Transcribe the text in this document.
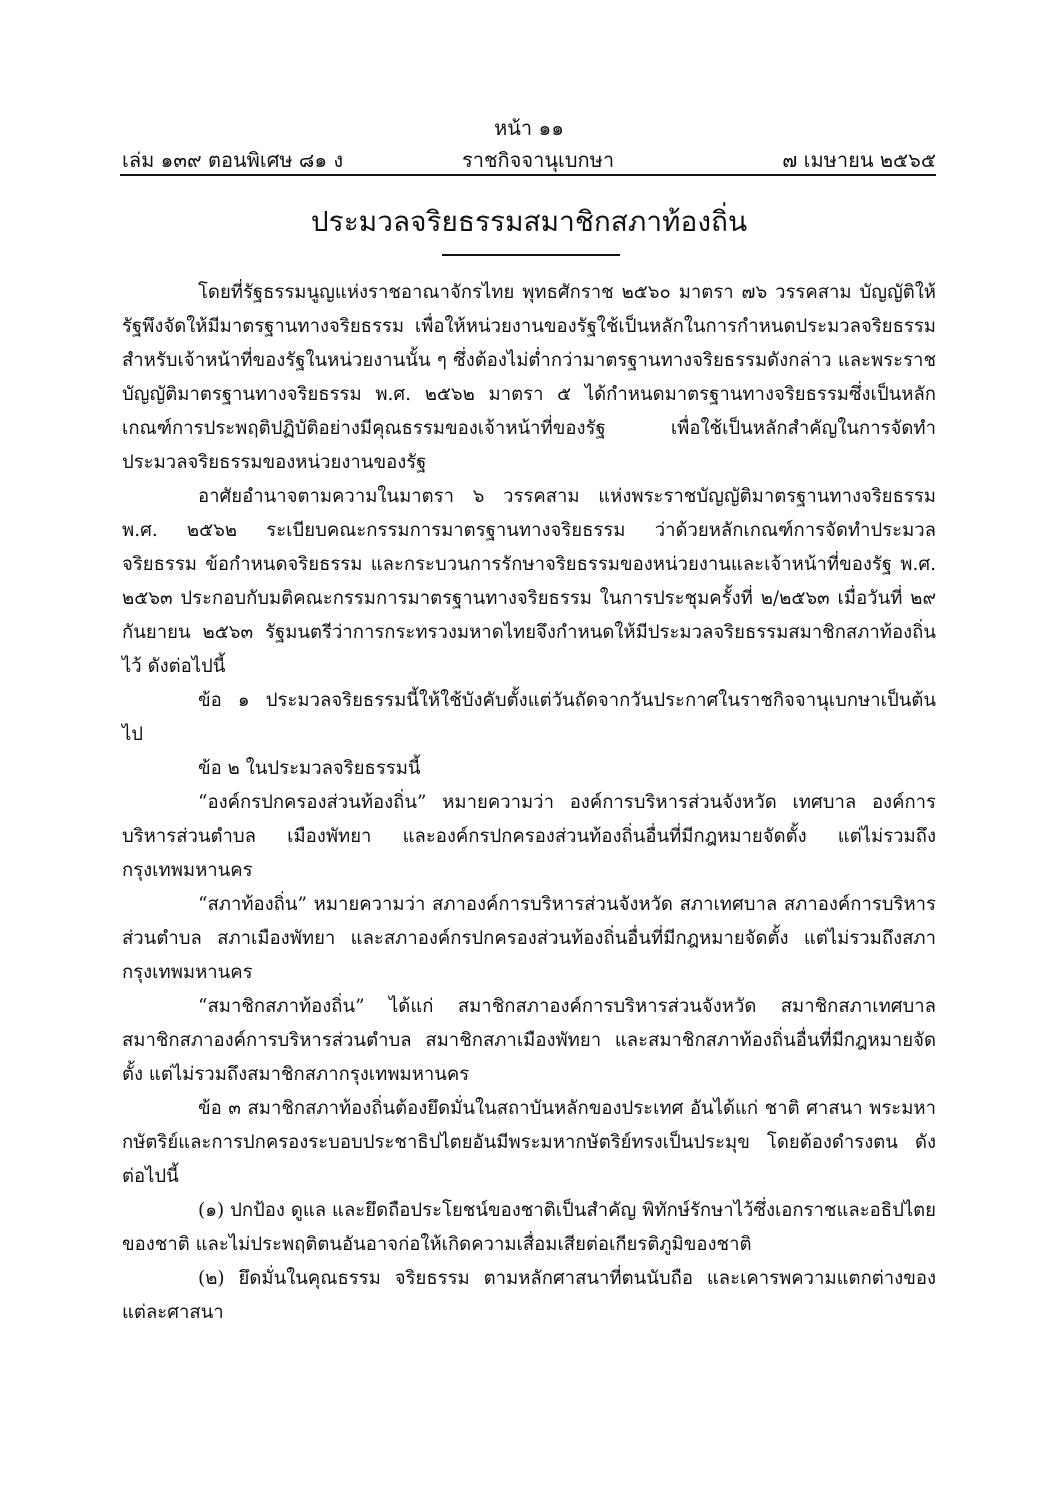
หน้า ๑๑
เล่ม ๑๓๙ ตอนพิเศษ ๘๑ ง	ราชกิจจานุเบกษา	๗ เมษายน ๒๕๖๕
ประมวลจริยธรรมสมาชิกสภาท้องถิ่น

โดยที่รัฐธรรมนูญแห่งราชอาณาจักรไทย พุทธศักราช ๒๕๖๐ มาตรา ๗๖ วรรคสาม บัญญัติให้รัฐพึงจัดให้มีมาตรฐานทางจริยธรรม เพื่อให้หน่วยงานของรัฐใช้เป็นหลักในการกำหนดประมวลจริยธรรมสำหรับเจ้าหน้าที่ของรัฐในหน่วยงานนั้น ๆ ซึ่งต้องไม่ต่ำกว่ามาตรฐานทางจริยธรรมดังกล่าว และพระราชบัญญัติมาตรฐานทางจริยธรรม พ.ศ. ๒๕๖๒ มาตรา ๕ ได้กำหนดมาตรฐานทางจริยธรรมซึ่งเป็นหลักเกณฑ์การประพฤติปฏิบัติอย่างมีคุณธรรมของเจ้าหน้าที่ของรัฐ เพื่อใช้เป็นหลักสำคัญในการจัดทำประมวลจริยธรรมของหน่วยงานของรัฐ

อาศัยอำนาจตามความในมาตรา ๖ วรรคสาม แห่งพระราชบัญญัติมาตรฐานทางจริยธรรม พ.ศ. ๒๕๖๒ ระเบียบคณะกรรมการมาตรฐานทางจริยธรรม ว่าด้วยหลักเกณฑ์การจัดทำประมวลจริยธรรม ข้อกำหนดจริยธรรม และกระบวนการรักษาจริยธรรมของหน่วยงานและเจ้าหน้าที่ของรัฐ พ.ศ. ๒๕๖๓ ประกอบกับมติคณะกรรมการมาตรฐานทางจริยธรรม ในการประชุมครั้งที่ ๒/๒๕๖๓ เมื่อวันที่ ๒๙ กันยายน ๒๕๖๓ รัฐมนตรีว่าการกระทรวงมหาดไทยจึงกำหนดให้มีประมวลจริยธรรมสมาชิกสภาท้องถิ่นไว้ ดังต่อไปนี้

ข้อ ๑ ประมวลจริยธรรมนี้ให้ใช้บังคับตั้งแต่วันถัดจากวันประกาศในราชกิจจานุเบกษาเป็นต้นไป

ข้อ ๒ ในประมวลจริยธรรมนี้

“องค์กรปกครองส่วนท้องถิ่น” หมายความว่า องค์การบริหารส่วนจังหวัด เทศบาล องค์การบริหารส่วนตำบล เมืองพัทยา และองค์กรปกครองส่วนท้องถิ่นอื่นที่มีกฎหมายจัดตั้ง แต่ไม่รวมถึงกรุงเทพมหานคร

“สภาท้องถิ่น” หมายความว่า สภาองค์การบริหารส่วนจังหวัด สภาเทศบาล สภาองค์การบริหารส่วนตำบล สภาเมืองพัทยา และสภาองค์กรปกครองส่วนท้องถิ่นอื่นที่มีกฎหมายจัดตั้ง แต่ไม่รวมถึงสภากรุงเทพมหานคร

“สมาชิกสภาท้องถิ่น” ได้แก่ สมาชิกสภาองค์การบริหารส่วนจังหวัด สมาชิกสภาเทศบาล สมาชิกสภาองค์การบริหารส่วนตำบล สมาชิกสภาเมืองพัทยา และสมาชิกสภาท้องถิ่นอื่นที่มีกฎหมายจัดตั้ง แต่ไม่รวมถึงสมาชิกสภากรุงเทพมหานคร

ข้อ ๓ สมาชิกสภาท้องถิ่นต้องยึดมั่นในสถาบันหลักของประเทศ อันได้แก่ ชาติ ศาสนา พระมหากษัตริย์และการปกครองระบอบประชาธิปไตยอันมีพระมหากษัตริย์ทรงเป็นประมุข โดยต้องดำรงตน ดังต่อไปนี้

(๑) ปกป้อง ดูแล และยึดถือประโยชน์ของชาติเป็นสำคัญ พิทักษ์รักษาไว้ซึ่งเอกราชและอธิปไตยของชาติ และไม่ประพฤติตนอันอาจก่อให้เกิดความเสื่อมเสียต่อเกียรติภูมิของชาติ

(๒) ยึดมั่นในคุณธรรม จริยธรรม ตามหลักศาสนาที่ตนนับถือ และเคารพความแตกต่างของแต่ละศาสนา
